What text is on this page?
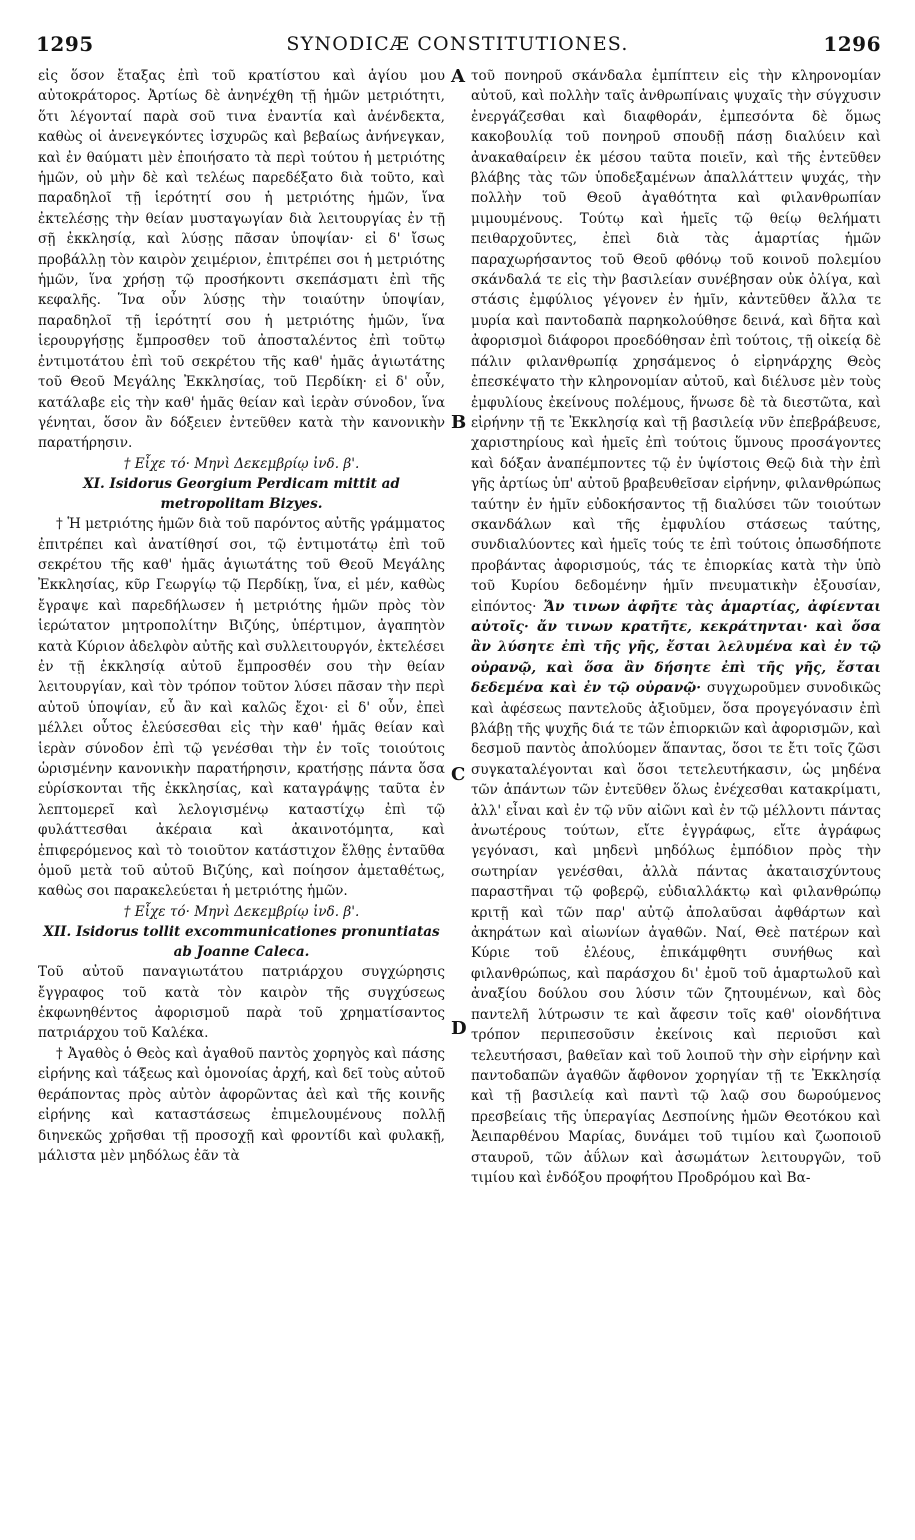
1295	SYNODICÆ CONSTITUTIONES.	1296
A
B
C
D

εἰς ὅσον ἔταξας ἐπὶ τοῦ κρατίστου καὶ ἁγίου μου αὐτοκράτορος. Ἀρτίως δὲ ἀνηνέχθη τῇ ἡμῶν μετριότητι, ὅτι λέγονταί παρὰ σοῦ τινα ἐναντία καὶ ἀνένδεκτα, καθὼς οἱ ἀνενεγκόντες ἰσχυρῶς καὶ βεβαίως ἀνήνεγκαν, καὶ ἐν θαύματι μὲν ἐποιήσατο τὰ περὶ τούτου ἡ μετριότης ἡμῶν, οὐ μὴν δὲ καὶ τελέως παρεδέξατο διὰ τοῦτο, καὶ παραδηλοῖ τῇ ἱερότητί σου ἡ μετριότης ἡμῶν, ἵνα ἐκτελέσῃς τὴν θείαν μυσταγωγίαν διὰ λειτουργίας ἐν τῇ σῇ ἐκκλησίᾳ, καὶ λύσῃς πᾶσαν ὑποψίαν· εἰ δ' ἴσως προβάλλῃ τὸν καιρὸν χειμέριον, ἐπιτρέπει σοι ἡ μετριότης ἡμῶν, ἵνα χρήσῃ τῷ προσήκοντι σκεπάσματι ἐπὶ τῆς κεφαλῆς. Ἵνα οὖν λύσῃς τὴν τοιαύτην ὑποψίαν, παραδηλοῖ τῇ ἱερότητί σου ἡ μετριότης ἡμῶν, ἵνα ἱερουργήσῃς ἔμπροσθεν τοῦ ἀποσταλέντος ἐπὶ τοῦτῳ ἐντιμοτάτου ἐπὶ τοῦ σεκρέτου τῆς καθ' ἡμᾶς ἁγιωτάτης τοῦ Θεοῦ Μεγάλης Ἐκκλησίας, τοῦ Περδίκη· εἰ δ' οὖν, κατάλαβε εἰς τὴν καθ' ἡμᾶς θείαν καὶ ἱερὰν σύνοδον, ἵνα γένηται, ὅσον ἂν δόξειεν ἐντεῦθεν κατὰ τὴν κανονικὴν παρατήρησιν.

† Εἶχε τό· Μηνὶ Δεκεμβρίῳ ἰνδ. β'.

XI. Isidorus Georgium Perdicam mittit ad metropolitam Bizyes.

† Ἡ μετριότης ἡμῶν διὰ τοῦ παρόντος αὐτῆς γράμματος ἐπιτρέπει καὶ ἀνατίθησί σοι, τῷ ἐντιμοτάτῳ ἐπὶ τοῦ σεκρέτου τῆς καθ' ἡμᾶς ἁγιωτάτης τοῦ Θεοῦ Μεγάλης Ἐκκλησίας, κῦρ Γεωργίῳ τῷ Περδίκῃ, ἵνα, εἰ μέν, καθὼς ἔγραψε καὶ παρεδήλωσεν ἡ μετριότης ἡμῶν πρὸς τὸν ἱερώτατον μητροπολίτην Βιζύης, ὑπέρτιμον, ἀγαπητὸν κατὰ Κύριον ἀδελφὸν αὐτῆς καὶ συλλειτουργόν, ἐκτελέσει ἐν τῇ ἐκκλησίᾳ αὐτοῦ ἔμπροσθέν σου τὴν θείαν λειτουργίαν, καὶ τὸν τρόπον τοῦτον λύσει πᾶσαν τὴν περὶ αὐτοῦ ὑποψίαν, εὖ ἂν καὶ καλῶς ἔχοι· εἰ δ' οὖν, ἐπεὶ μέλλει οὗτος ἐλεύσεσθαι εἰς τὴν καθ' ἡμᾶς θείαν καὶ ἱερὰν σύνοδον ἐπὶ τῷ γενέσθαι τὴν ἐν τοῖς τοιούτοις ὡρισμένην κανονικὴν παρατήρησιν, κρατήσῃς πάντα ὅσα εὑρίσκονται τῆς ἐκκλησίας, καὶ καταγράψῃς ταῦτα ἐν λεπτομερεῖ καὶ λελογισμένῳ καταστίχῳ ἐπὶ τῷ φυλάττεσθαι ἀκέραια καὶ ἀκαινοτόμητα, καὶ ἐπιφερόμενος καὶ τὸ τοιοῦτον κατάστιχον ἔλθῃς ἐνταῦθα ὁμοῦ μετὰ τοῦ αὐτοῦ Βιζύης, καὶ ποίησον ἀμεταθέτως, καθὼς σοι παρακελεύεται ἡ μετριότης ἡμῶν.

† Εἶχε τό· Μηνὶ Δεκεμβρίῳ ἰνδ. β'.

XII. Isidorus tollit excommunicationes pronuntiatas ab Joanne Caleca.

Τοῦ αὐτοῦ παναγιωτάτου πατριάρχου συγχώρησις ἔγγραφος τοῦ κατὰ τὸν καιρὸν τῆς συγχύσεως ἐκφωνηθέντος ἀφορισμοῦ παρὰ τοῦ χρηματίσαντος πατριάρχου τοῦ Καλέκα.

† Ἀγαθὸς ὁ Θεὸς καὶ ἀγαθοῦ παντὸς χορηγὸς καὶ πάσης εἰρήνης καὶ τάξεως καὶ ὁμονοίας ἀρχή, καὶ δεῖ τοὺς αὐτοῦ θεράποντας πρὸς αὐτὸν ἀφορῶντας ἀεὶ καὶ τῆς κοινῆς εἰρήνης καὶ καταστάσεως ἐπιμελουμένους πολλῇ διηνεκῶς χρῆσθαι τῇ προσοχῇ καὶ φροντίδι καὶ φυλακῇ, μάλιστα μὲν μηδόλως ἐᾶν τὰ

τοῦ πονηροῦ σκάνδαλα ἐμπίπτειν εἰς τὴν κληρονομίαν αὐτοῦ, καὶ πολλὴν ταῖς ἀνθρωπίναις ψυχαῖς τὴν σύγχυσιν ἐνεργάζεσθαι καὶ διαφθοράν, ἐμπεσόντα δὲ ὅμως κακοβουλίᾳ τοῦ πονηροῦ σπουδῇ πάσῃ διαλύειν καὶ ἀνακαθαίρειν ἐκ μέσου ταῦτα ποιεῖν, καὶ τῆς ἐντεῦθεν βλάβης τὰς τῶν ὑποδεξαμένων ἀπαλλάττειν ψυχάς, τὴν πολλὴν τοῦ Θεοῦ ἀγαθότητα καὶ φιλανθρωπίαν μιμουμένους. Τούτῳ καὶ ἡμεῖς τῷ θείῳ θελήματι πειθαρχοῦντες, ἐπεὶ διὰ τὰς ἁμαρτίας ἡμῶν παραχωρήσαντος τοῦ Θεοῦ φθόνῳ τοῦ κοινοῦ πολεμίου σκάνδαλά τε εἰς τὴν βασιλείαν συνέβησαν οὐκ ὀλίγα, καὶ στάσις ἐμφύλιος γέγονεν ἐν ἡμῖν, κἀντεῦθεν ἄλλα τε μυρία καὶ παντοδαπὰ παρηκολούθησε δεινά, καὶ δῆτα καὶ ἀφορισμοὶ διάφοροι προεδόθησαν ἐπὶ τούτοις, τῇ οἰκείᾳ δὲ πάλιν φιλανθρωπίᾳ χρησάμενος ὁ εἰρηνάρχης Θεὸς ἐπεσκέψατο τὴν κληρονομίαν αὐτοῦ, καὶ διέλυσε μὲν τοὺς ἐμφυλίους ἐκείνους πολέμους, ἥνωσε δὲ τὰ διεστῶτα, καὶ εἰρήνην τῇ τε Ἐκκλησίᾳ καὶ τῇ βασιλείᾳ νῦν ἐπεβράβευσε, χαριστηρίους καὶ ἡμεῖς ἐπὶ τούτοις ὕμνους προσάγοντες καὶ δόξαν ἀναπέμποντες τῷ ἐν ὑψίστοις Θεῷ διὰ τὴν ἐπὶ γῆς ἀρτίως ὑπ' αὐτοῦ βραβευθεῖσαν εἰρήνην, φιλανθρώπως ταύτην ἐν ἡμῖν εὐδοκήσαντος τῇ διαλύσει τῶν τοιούτων σκανδάλων καὶ τῆς ἐμφυλίου στάσεως ταύτης, συνδιαλύοντες καὶ ἡμεῖς τούς τε ἐπὶ τούτοις ὁπωσδήποτε προβάντας ἀφορισμούς, τάς τε ἐπιορκίας κατὰ τὴν ὑπὸ τοῦ Κυρίου δεδομένην ἡμῖν πνευματικὴν ἐξουσίαν, εἰπόντος· Ἄν τινων ἀφῆτε τὰς ἁμαρτίας, ἀφίενται αὐτοῖς· ἄν τινων κρατῆτε, κεκράτηνται· καὶ ὅσα ἂν λύσητε ἐπὶ τῆς γῆς, ἔσται λελυμένα καὶ ἐν τῷ οὐρανῷ, καὶ ὅσα ἂν δήσητε ἐπὶ τῆς γῆς, ἔσται δεδεμένα καὶ ἐν τῷ οὐρανῷ· συγχωροῦμεν συνοδικῶς καὶ ἀφέσεως παντελοῦς ἀξιοῦμεν, ὅσα προγεγόνασιν ἐπὶ βλάβῃ τῆς ψυχῆς διά τε τῶν ἐπιορκιῶν καὶ ἀφορισμῶν, καὶ δεσμοῦ παντὸς ἀπολύομεν ἅπαντας, ὅσοι τε ἔτι τοῖς ζῶσι συγκαταλέγονται καὶ ὅσοι τετελευτήκασιν, ὡς μηδένα τῶν ἁπάντων τῶν ἐντεῦθεν ὅλως ἐνέχεσθαι κατακρίματι, ἀλλ' εἶναι καὶ ἐν τῷ νῦν αἰῶνι καὶ ἐν τῷ μέλλοντι πάντας ἀνωτέρους τούτων, εἴτε ἐγγράφως, εἴτε ἀγράφως γεγόνασι, καὶ μηδενὶ μηδόλως ἐμπόδιον πρὸς τὴν σωτηρίαν γενέσθαι, ἀλλὰ πάντας ἀκαταισχύντους παραστῆναι τῷ φοβερῷ, εὐδιαλλάκτῳ καὶ φιλανθρώπῳ κριτῇ καὶ τῶν παρ' αὐτῷ ἀπολαῦσαι ἀφθάρτων καὶ ἀκηράτων καὶ αἰωνίων ἀγαθῶν. Ναί, Θεὲ πατέρων καὶ Κύριε τοῦ ἐλέους, ἐπικάμφθητι συνήθως καὶ φιλανθρώπως, καὶ παράσχου δι' ἐμοῦ τοῦ ἁμαρτωλοῦ καὶ ἀναξίου δούλου σου λύσιν τῶν ζητουμένων, καὶ δὸς παντελῆ λύτρωσιν τε καὶ ἄφεσιν τοῖς καθ' οἱονδήτινα τρόπον περιπεσοῦσιν ἐκείνοις καὶ περιοῦσι καὶ τελευτήσασι, βαθεῖαν καὶ τοῦ λοιποῦ τὴν σὴν εἰρήνην καὶ παντοδαπῶν ἀγαθῶν ἄφθονον χορηγίαν τῇ τε Ἐκκλησίᾳ καὶ τῇ βασιλείᾳ καὶ παντὶ τῷ λαῷ σου δωρούμενος πρεσβείαις τῆς ὑπεραγίας Δεσποίνης ἡμῶν Θεοτόκου καὶ Ἀειπαρθένου Μαρίας, δυνάμει τοῦ τιμίου καὶ ζωοποιοῦ σταυροῦ, τῶν ἀΰλων καὶ ἀσωμάτων λειτουργῶν, τοῦ τιμίου καὶ ἐνδόξου προφήτου Προδρόμου καὶ Βα-
